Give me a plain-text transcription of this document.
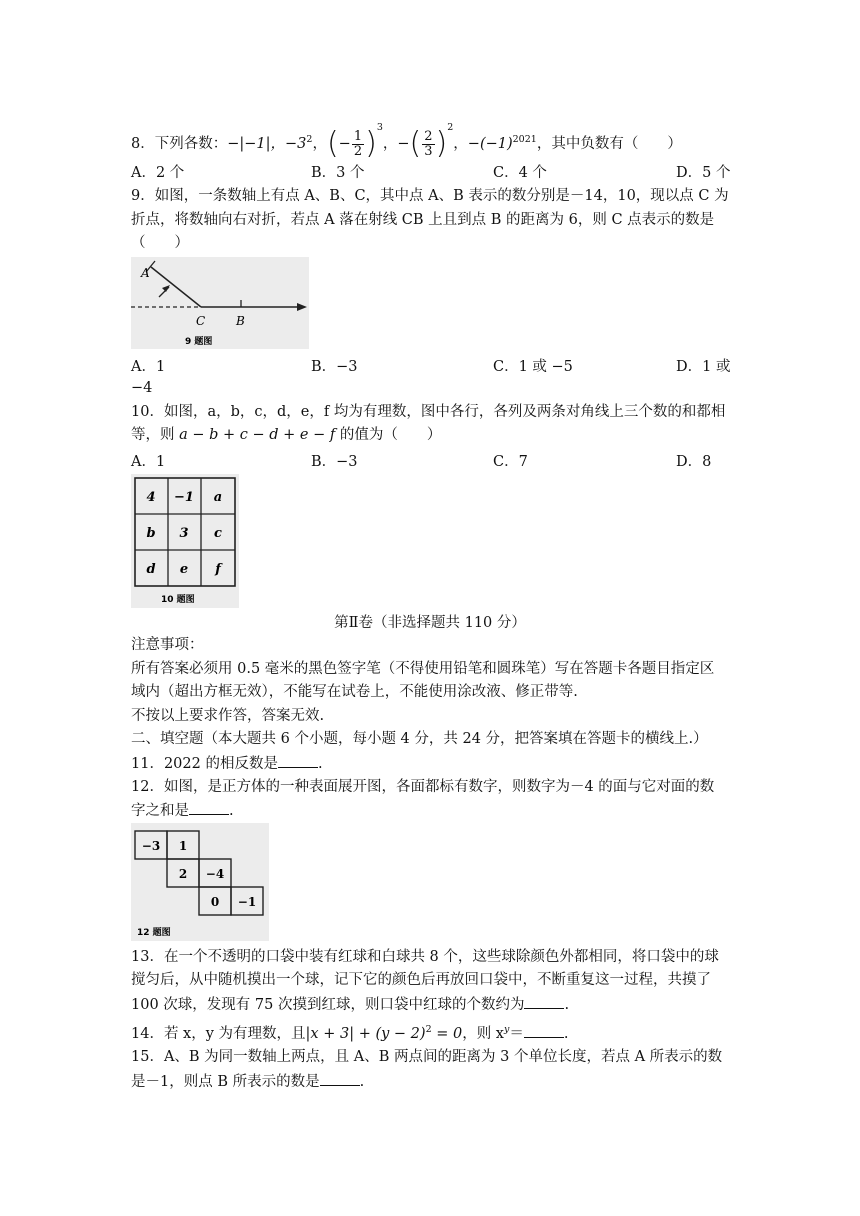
8．下列各数：−|−1|，$-3^2$，(− $\frac{1}{2} )^3$，−( $\frac{2}{3} )^2$，$-(-1)^{2021}$，其中负数有（　　）
A．2 个	B．3 个	C．4 个	D．5 个
9．如图，一条数轴上有点 A、B、C，其中点 A、B 表示的数分别是－14，10，现以点 C 为
折点，将数轴向右对折，若点 A 落在射线 CB 上且到点 B 的距离为 6，则 C 点表示的数是
（　　）
A
C	B
9 题图
A．1	B．−3	C．1 或 −5	D．1 或
−4
10．如图，a，b，c，d，e，f 均为有理数，图中各行，各列及两条对角线上三个数的和都相
等，则 a − b + c − d + e − f 的值为（　　）
A．1	B．−3	C．7	D．8
4 −1 a
b 3 c
d e f
10 题图
第Ⅱ卷（非选择题共 110 分）
注意事项：
所有答案必须用 0.5 毫米的黑色签字笔（不得使用铅笔和圆珠笔）写在答题卡各题目指定区
域内（超出方框无效），不能写在试卷上，不能使用涂改液、修正带等.
不按以上要求作答，答案无效.
二、填空题（本大题共 6 个小题，每小题 4 分，共 24 分，把答案填在答题卡的横线上.）
11．2022 的相反数是	.
12．如图，是正方体的一种表面展开图，各面都标有数字，则数字为－4 的面与它对面的数
字之和是	.
−3 1
2 −4
0 −1
12 题图
13．在一个不透明的口袋中装有红球和白球共 8 个，这些球除颜色外都相同，将口袋中的球
搅匀后，从中随机摸出一个球，记下它的颜色后再放回口袋中，不断重复这一过程，共摸了
100 次球，发现有 75 次摸到红球，则口袋中红球的个数约为	.
14．若 x，y 为有理数，且$|x + 3| + (y - 2)^2 = 0$，则 $x^y=$	.
15．A、B 为同一数轴上两点，且 A、B 两点间的距离为 3 个单位长度，若点 A 所表示的数
是－1，则点 B 所表示的数是	.
